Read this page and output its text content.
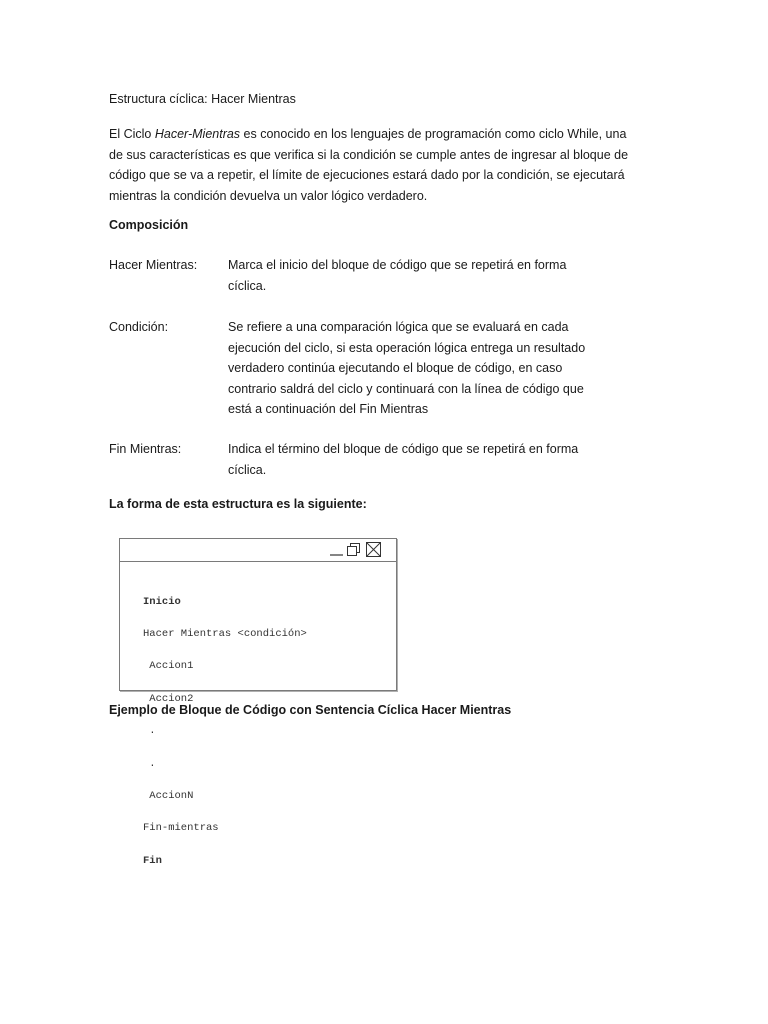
Estructura cíclica: Hacer Mientras
El Ciclo Hacer-Mientras es conocido en los lenguajes de programación como ciclo While, una
de sus características es que verifica si la condición se cumple antes de ingresar al bloque de
código que se va a repetir, el límite de ejecuciones estará dado por la condición, se ejecutará
mientras la condición devuelva un valor lógico verdadero.
Composición
Hacer Mientras: Marca el inicio del bloque de código que se repetirá en forma
cíclica.
Condición:	Se refiere a una comparación lógica que se evaluará en cada
ejecución del ciclo, si esta operación lógica entrega un resultado
verdadero continúa ejecutando el bloque de código, en caso
contrario saldrá del ciclo y continuará con la línea de código que
está a continuación del Fin Mientras
Fin Mientras:	Indica el término del bloque de código que se repetirá en forma
cíclica.
La forma de esta estructura es la siguiente:

Inicio

Hacer Mientras <condición>

Accion1

Accion2

.

.

AccionN

Fin-mientras

Fin

Ejemplo de Bloque de Código con Sentencia Cíclica Hacer Mientras
